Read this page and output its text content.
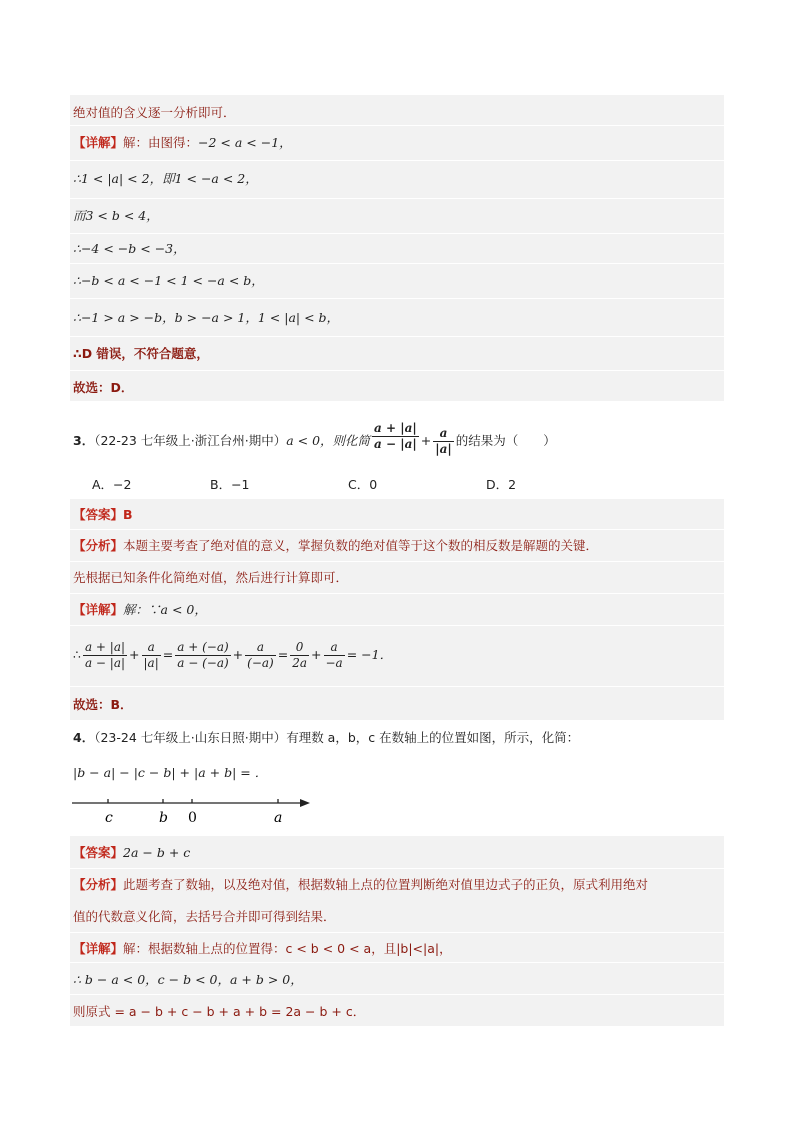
绝对值的含义逐一分析即可．
【详解】解：由图得：−2 < a < −1，
∴1 < |a| < 2，即1 < −a < 2，
而3 < b < 4，
∴−4 < −b < −3，
∴−b < a < −1 < 1 < −a < b，
∴−1 > a > −b，b > −a > 1，1 < |a| < b，
∴D 错误，不符合题意，
故选：D．
3．（22-23 七年级上·浙江台州·期中）a < 0，则化简 $\frac{a + |a|}{a - |a|} + \frac{a}{|a|}$ 的结果为（　　）
A．−2	B．−1	C．0	D．2
【答案】B
【分析】本题主要考查了绝对值的意义，掌握负数的绝对值等于这个数的相反数是解题的关键．
先根据已知条件化简绝对值，然后进行计算即可．
【详解】解：∵a < 0，
∴ $\frac{a + |a|}{a - |a|} + \frac{a}{|a|} = \frac{a + (-a)}{a - (-a)} + \frac{a}{(-a)} = \frac{0}{2a} + \frac{a}{-a} = -1$．
故选：B．
4．（23-24 七年级上·山东日照·期中）有理数 a，b，c 在数轴上的位置如图，所示，化简：
|b − a| − |c − b| + |a + b| = ．
c	b 0	a
【答案】2a − b + c
【分析】此题考查了数轴，以及绝对值，根据数轴上点的位置判断绝对值里边式子的正负，原式利用绝对
值的代数意义化简，去括号合并即可得到结果．
【详解】解：根据数轴上点的位置得：c < b < 0 < a，且|b|<|a|，
∴ b − a < 0，c − b < 0，a + b > 0，
则原式 = a − b + c − b + a + b = 2a − b + c．
